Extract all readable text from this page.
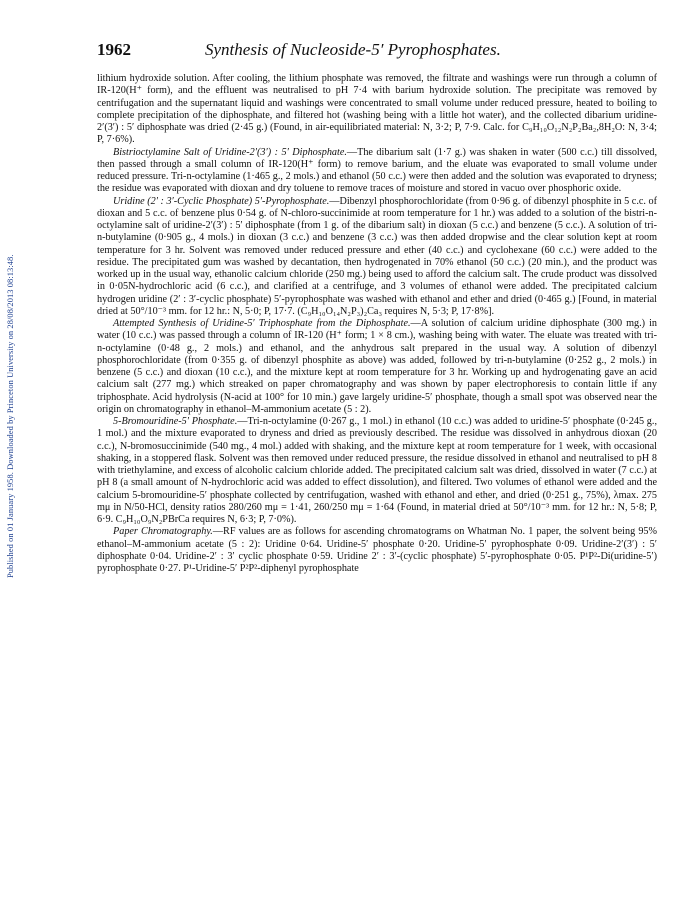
1962	Synthesis of Nucleoside-5′ Pyrophosphates.
Published on 01 January 1958. Downloaded by Princeton University on 28/08/2013 08:13:48.

lithium hydroxide solution. After cooling, the lithium phosphate was removed, the filtrate and washings were run through a column of IR-120(H⁺ form), and the effluent was neutralised to pH 7·4 with barium hydroxide solution. The precipitate was removed by centrifugation and the supernatant liquid and washings were concentrated to small volume under reduced pressure, heated to boiling to complete precipitation of the diphosphate, and filtered hot (washing being with a little hot water), and the collected dibarium uridine-2′(3′) : 5′ diphosphate was dried (2·45 g.) (Found, in air-equilibriated material: N, 3·2; P, 7·9. Calc. for C₉H₁₀O₁₂N₂P₂Ba₂,8H₂O: N, 3·4; P, 7·6%).

Bistrioctylamine Salt of Uridine-2′(3′) : 5′ Diphosphate.—The dibarium salt (1·7 g.) was shaken in water (500 c.c.) till dissolved, then passed through a small column of IR-120(H⁺ form) to remove barium, and the eluate was evaporated to small volume under reduced pressure. Tri-n-octylamine (1·465 g., 2 mols.) and ethanol (50 c.c.) were then added and the solution was evaporated to dryness; the residue was evaporated with dioxan and dry toluene to remove traces of moisture and stored in vacuo over phosphoric oxide.

Uridine (2′ : 3′-Cyclic Phosphate) 5′-Pyrophosphate.—Dibenzyl phosphorochloridate (from 0·96 g. of dibenzyl phosphite in 5 c.c. of dioxan and 5 c.c. of benzene plus 0·54 g. of N-chloro-succinimide at room temperature for 1 hr.) was added to a solution of the bistri-n-octylamine salt of uridine-2′(3′) : 5′ diphosphate (from 1 g. of the dibarium salt) in dioxan (5 c.c.) and benzene (5 c.c.). A solution of tri-n-butylamine (0·905 g., 4 mols.) in dioxan (3 c.c.) and benzene (3 c.c.) was then added dropwise and the clear solution kept at room temperature for 3 hr. Solvent was removed under reduced pressure and ether (40 c.c.) and cyclohexane (60 c.c.) were added to the residue. The precipitated gum was washed by decantation, then hydrogenated in 70% ethanol (50 c.c.) (20 min.), and the product was worked up in the usual way, ethanolic calcium chloride (250 mg.) being used to afford the calcium salt. The crude product was dissolved in 0·05N-hydrochloric acid (6 c.c.), and clarified at a centrifuge, and 3 volumes of ethanol were added. The precipitated calcium hydrogen uridine (2′ : 3′-cyclic phosphate) 5′-pyrophosphate was washed with ethanol and ether and dried (0·465 g.) [Found, in material dried at 50°/10⁻³ mm. for 12 hr.: N, 5·0; P, 17·7. (C₉H₁₀O₁₄N₂P₃)₂Ca₃ requires N, 5·3; P, 17·8%].

Attempted Synthesis of Uridine-5′ Triphosphate from the Diphosphate.—A solution of calcium uridine diphosphate (300 mg.) in water (10 c.c.) was passed through a column of IR-120 (H⁺ form; 1 × 8 cm.), washing being with water. The eluate was treated with tri-n-octylamine (0·48 g., 2 mols.) and ethanol, and the anhydrous salt prepared in the usual way. A solution of dibenzyl phosphorochloridate (from 0·355 g. of dibenzyl phosphite as above) was added, followed by tri-n-butylamine (0·252 g., 2 mols.) in benzene (5 c.c.) and dioxan (10 c.c.), and the mixture kept at room temperature for 3 hr. Working up and hydrogenating gave an acid calcium salt (277 mg.) which streaked on paper chromatography and was shown by paper electrophoresis to contain little if any triphosphate. Acid hydrolysis (N-acid at 100° for 10 min.) gave largely uridine-5′ phosphate, though a small spot was observed near the origin on chromatography in ethanol–M-ammonium acetate (5 : 2).

5-Bromouridine-5′ Phosphate.—Tri-n-octylamine (0·267 g., 1 mol.) in ethanol (10 c.c.) was added to uridine-5′ phosphate (0·245 g., 1 mol.) and the mixture evaporated to dryness and dried as previously described. The residue was dissolved in anhydrous dioxan (20 c.c.), N-bromosuccinimide (540 mg., 4 mol.) added with shaking, and the mixture kept at room temperature for 1 week, with occasional shaking, in a stoppered flask. Solvent was then removed under reduced pressure, the residue dissolved in ethanol and neutralised to pH 8 with triethylamine, and excess of alcoholic calcium chloride added. The precipitated calcium salt was dried, dissolved in water (7 c.c.) at pH 8 (a small amount of N-hydrochloric acid was added to effect dissolution), and filtered. Two volumes of ethanol were added and the calcium 5-bromouridine-5′ phosphate collected by centrifugation, washed with ethanol and ether, and dried (0·251 g., 75%), λmax. 275 mμ in N/50-HCl, density ratios 280/260 mμ = 1·41, 260/250 mμ = 1·64 (Found, in material dried at 50°/10⁻³ mm. for 12 hr.: N, 5·8; P, 6·9. C₉H₁₀O₉N₂PBrCa requires N, 6·3; P, 7·0%).

Paper Chromatography.—RF values are as follows for ascending chromatograms on Whatman No. 1 paper, the solvent being 95% ethanol–M-ammonium acetate (5 : 2): Uridine 0·64. Uridine-5′ phosphate 0·20. Uridine-5′ pyrophosphate 0·09. Uridine-2′(3′) : 5′ diphosphate 0·04. Uridine-2′ : 3′ cyclic phosphate 0·59. Uridine 2′ : 3′-(cyclic phosphate) 5′-pyrophosphate 0·05. P¹P²-Di(uridine-5′) pyrophosphate 0·27. P¹-Uridine-5′ P²P²-diphenyl pyrophosphate
